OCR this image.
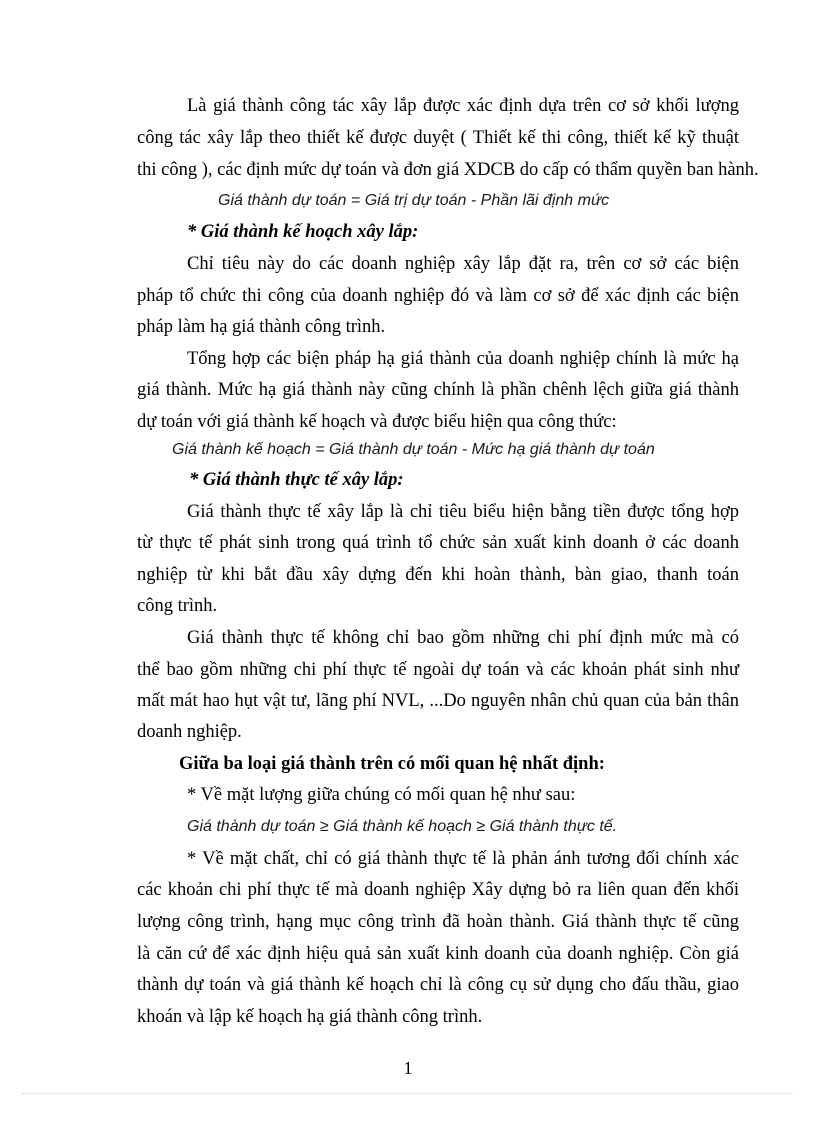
Là giá thành công tác xây lắp được xác định dựa trên cơ sở khối lượng
công tác xây lắp theo thiết kế được duyệt ( Thiết kế thi công, thiết kế kỹ thuật
thi công ), các định mức dự toán và đơn giá XDCB do cấp có thẩm quyền ban hành.
Giá thành dự toán = Giá trị dự toán - Phần lãi định mức
* Giá thành kế hoạch xây lắp:
Chỉ tiêu này do các doanh nghiệp xây lắp đặt ra, trên cơ sở các biện
pháp tổ chức thi công của doanh nghiệp đó và làm cơ sở để xác định các biện
pháp làm hạ giá thành công trình.
Tổng hợp các biện pháp hạ giá thành của doanh nghiệp chính là mức hạ
giá thành. Mức hạ giá thành này cũng chính là phần chênh lệch giữa giá thành
dự toán với giá thành kế hoạch và được biểu hiện qua công thức:
Giá thành kế hoạch = Giá thành dự toán - Mức hạ giá thành dự toán
* Giá thành thực tế xây lắp:
Giá thành thực tế xây lắp là chỉ tiêu biểu hiện bằng tiền được tổng hợp
từ thực tế phát sinh trong quá trình tổ chức sản xuất kinh doanh ở các doanh
nghiệp từ khi bắt đầu xây dựng đến khi hoàn thành, bàn giao, thanh toán
công trình.
Giá thành thực tế không chỉ bao gồm những chi phí định mức mà có
thể bao gồm những chi phí thực tế ngoài dự toán và các khoản phát sinh như
mất mát hao hụt vật tư, lãng phí NVL, ...Do nguyên nhân chủ quan của bản thân
doanh nghiệp.
Giữa ba loại giá thành trên có mối quan hệ nhất định:
* Về mặt lượng giữa chúng có mối quan hệ như sau:
Giá thành dự toán ≥ Giá thành kế hoạch ≥ Giá thành thực tế.
* Về mặt chất, chỉ có giá thành thực tế là phản ánh tương đối chính xác
các khoản chi phí thực tế mà doanh nghiệp Xây dựng bỏ ra liên quan đến khối
lượng công trình, hạng mục công trình đã hoàn thành. Giá thành thực tế cũng
là căn cứ để xác định hiệu quả sản xuất kinh doanh của doanh nghiệp. Còn giá
thành dự toán và giá thành kế hoạch chỉ là công cụ sử dụng cho đấu thầu, giao
khoán và lập kế hoạch hạ giá thành công trình.
1
